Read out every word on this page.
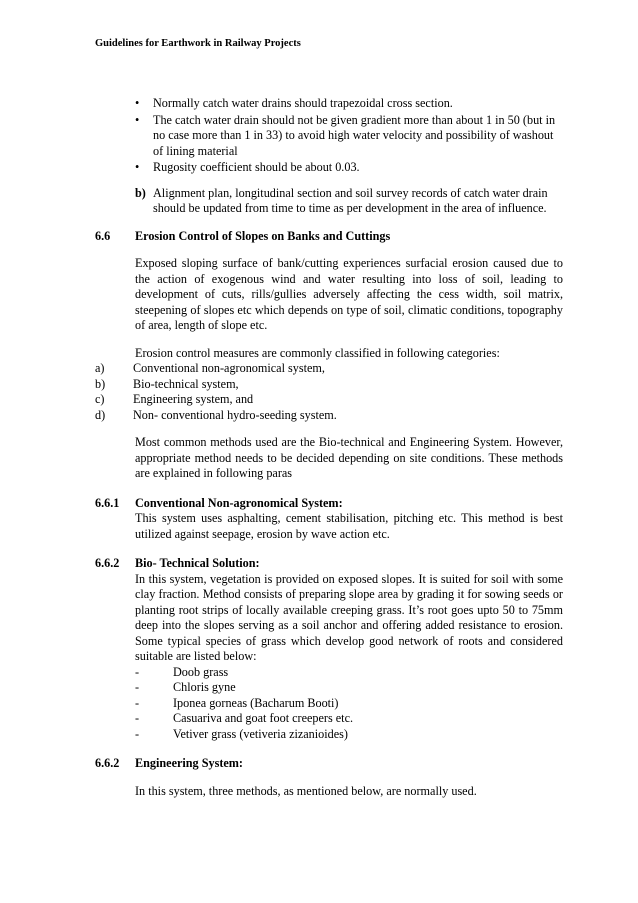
Guidelines for Earthwork in Railway Projects
• Normally catch water drains should trapezoidal cross section.
• The catch water drain should not be given gradient more than about 1 in 50 (but in no case more than 1 in 33) to avoid high water velocity and possibility of washout of lining material
• Rugosity coefficient should be about 0.03.
b) Alignment plan, longitudinal section and soil survey records of catch water drain should be updated from time to time as per development in the area of influence.
6.6	Erosion Control of Slopes on Banks and Cuttings

Exposed sloping surface of bank/cutting experiences surfacial erosion caused due to the action of exogenous wind and water resulting into loss of soil, leading to development of cuts, rills/gullies adversely affecting the cess width, soil matrix, steepening of slopes etc which depends on type of soil, climatic conditions, topography of area, length of slope etc.

Erosion control measures are commonly classified in following categories:

a)	Conventional non-agronomical system,
b)	Bio-technical system,
c)	Engineering system, and
d)	Non- conventional hydro-seeding system.

Most common methods used are the Bio-technical and Engineering System. However, appropriate method needs to be decided depending on site conditions. These methods are explained in following paras

6.6.1	Conventional Non-agronomical System:

This system uses asphalting, cement stabilisation, pitching etc. This method is best utilized against seepage, erosion by wave action etc.

6.6.2	Bio- Technical Solution:

In this system, vegetation is provided on exposed slopes. It is suited for soil with some clay fraction. Method consists of preparing slope area by grading it for sowing seeds or planting root strips of locally available creeping grass. It’s root goes upto 50 to 75mm deep into the slopes serving as a soil anchor and offering added resistance to erosion. Some typical species of grass which develop good network of roots and considered suitable are listed below:

-	Doob grass
-	Chloris gyne
-	Iponea gorneas (Bacharum Booti)
-	Casuariva and goat foot creepers etc.
-	Vetiver grass (vetiveria zizanioides)
6.6.2	Engineering System:

In this system, three methods, as mentioned below, are normally used.
